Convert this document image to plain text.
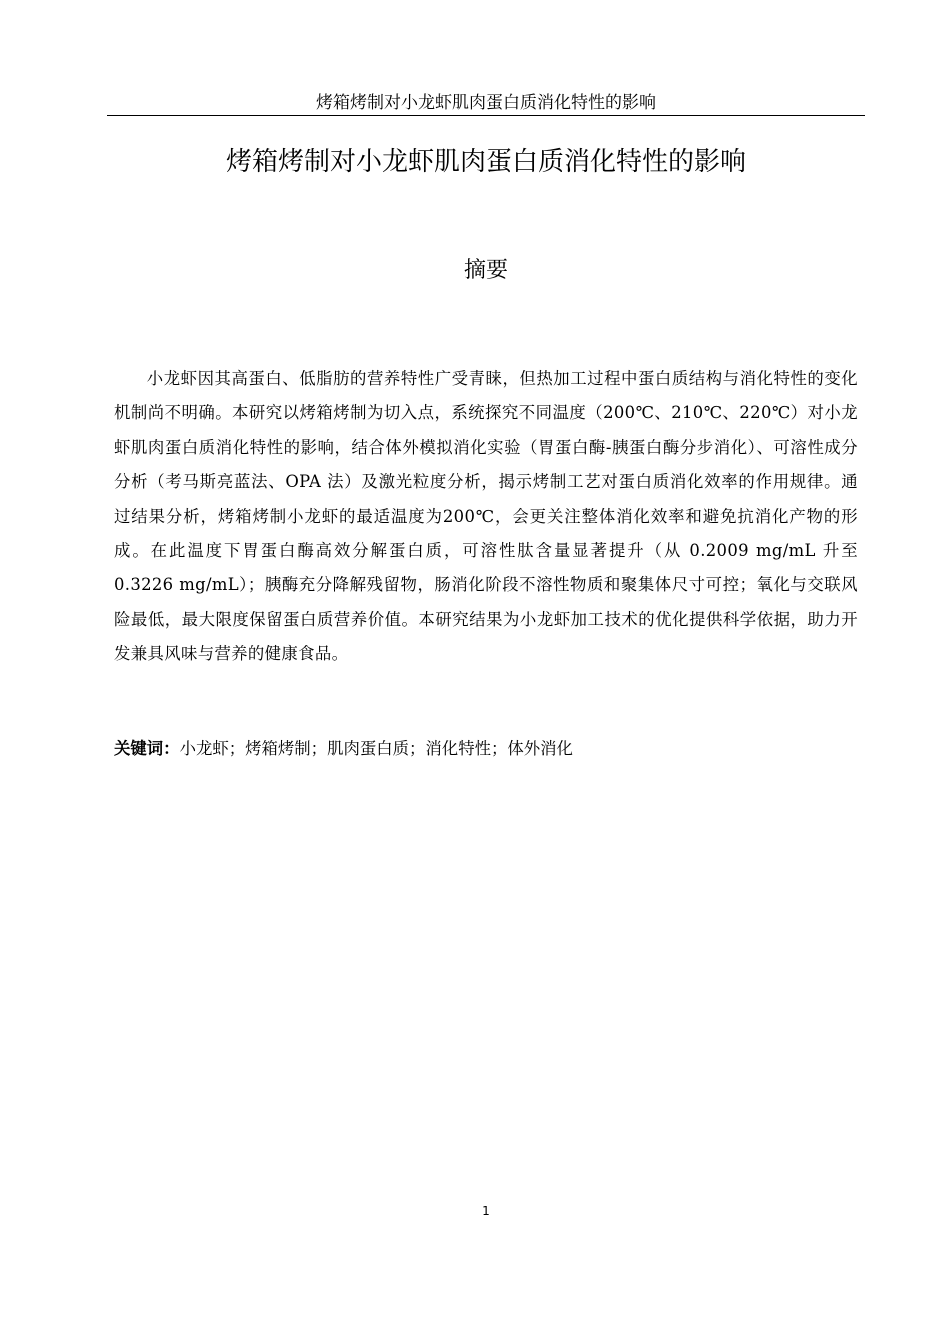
烤箱烤制对小龙虾肌肉蛋白质消化特性的影响
烤箱烤制对小龙虾肌肉蛋白质消化特性的影响
摘要

小龙虾因其高蛋白、低脂肪的营养特性广受青睐，但热加工过程中蛋白质结构与消化特性的变化机制尚不明确。本研究以烤箱烤制为切入点，系统探究不同温度（200℃、210℃、220℃）对小龙虾肌肉蛋白质消化特性的影响，结合体外模拟消化实验（胃蛋白酶-胰蛋白酶分步消化）、可溶性成分分析（考马斯亮蓝法、OPA 法）及激光粒度分析，揭示烤制工艺对蛋白质消化效率的作用规律。通过结果分析，烤箱烤制小龙虾的最适温度为200℃，会更关注整体消化效率和避免抗消化产物的形成。在此温度下胃蛋白酶高效分解蛋白质，可溶性肽含量显著提升（从 0.2009 mg/mL 升至 0.3226 mg/mL）；胰酶充分降解残留物，肠消化阶段不溶性物质和聚集体尺寸可控；氧化与交联风险最低，最大限度保留蛋白质营养价值。本研究结果为小龙虾加工技术的优化提供科学依据，助力开发兼具风味与营养的健康食品。

关键词：小龙虾；烤箱烤制；肌肉蛋白质；消化特性；体外消化

1
